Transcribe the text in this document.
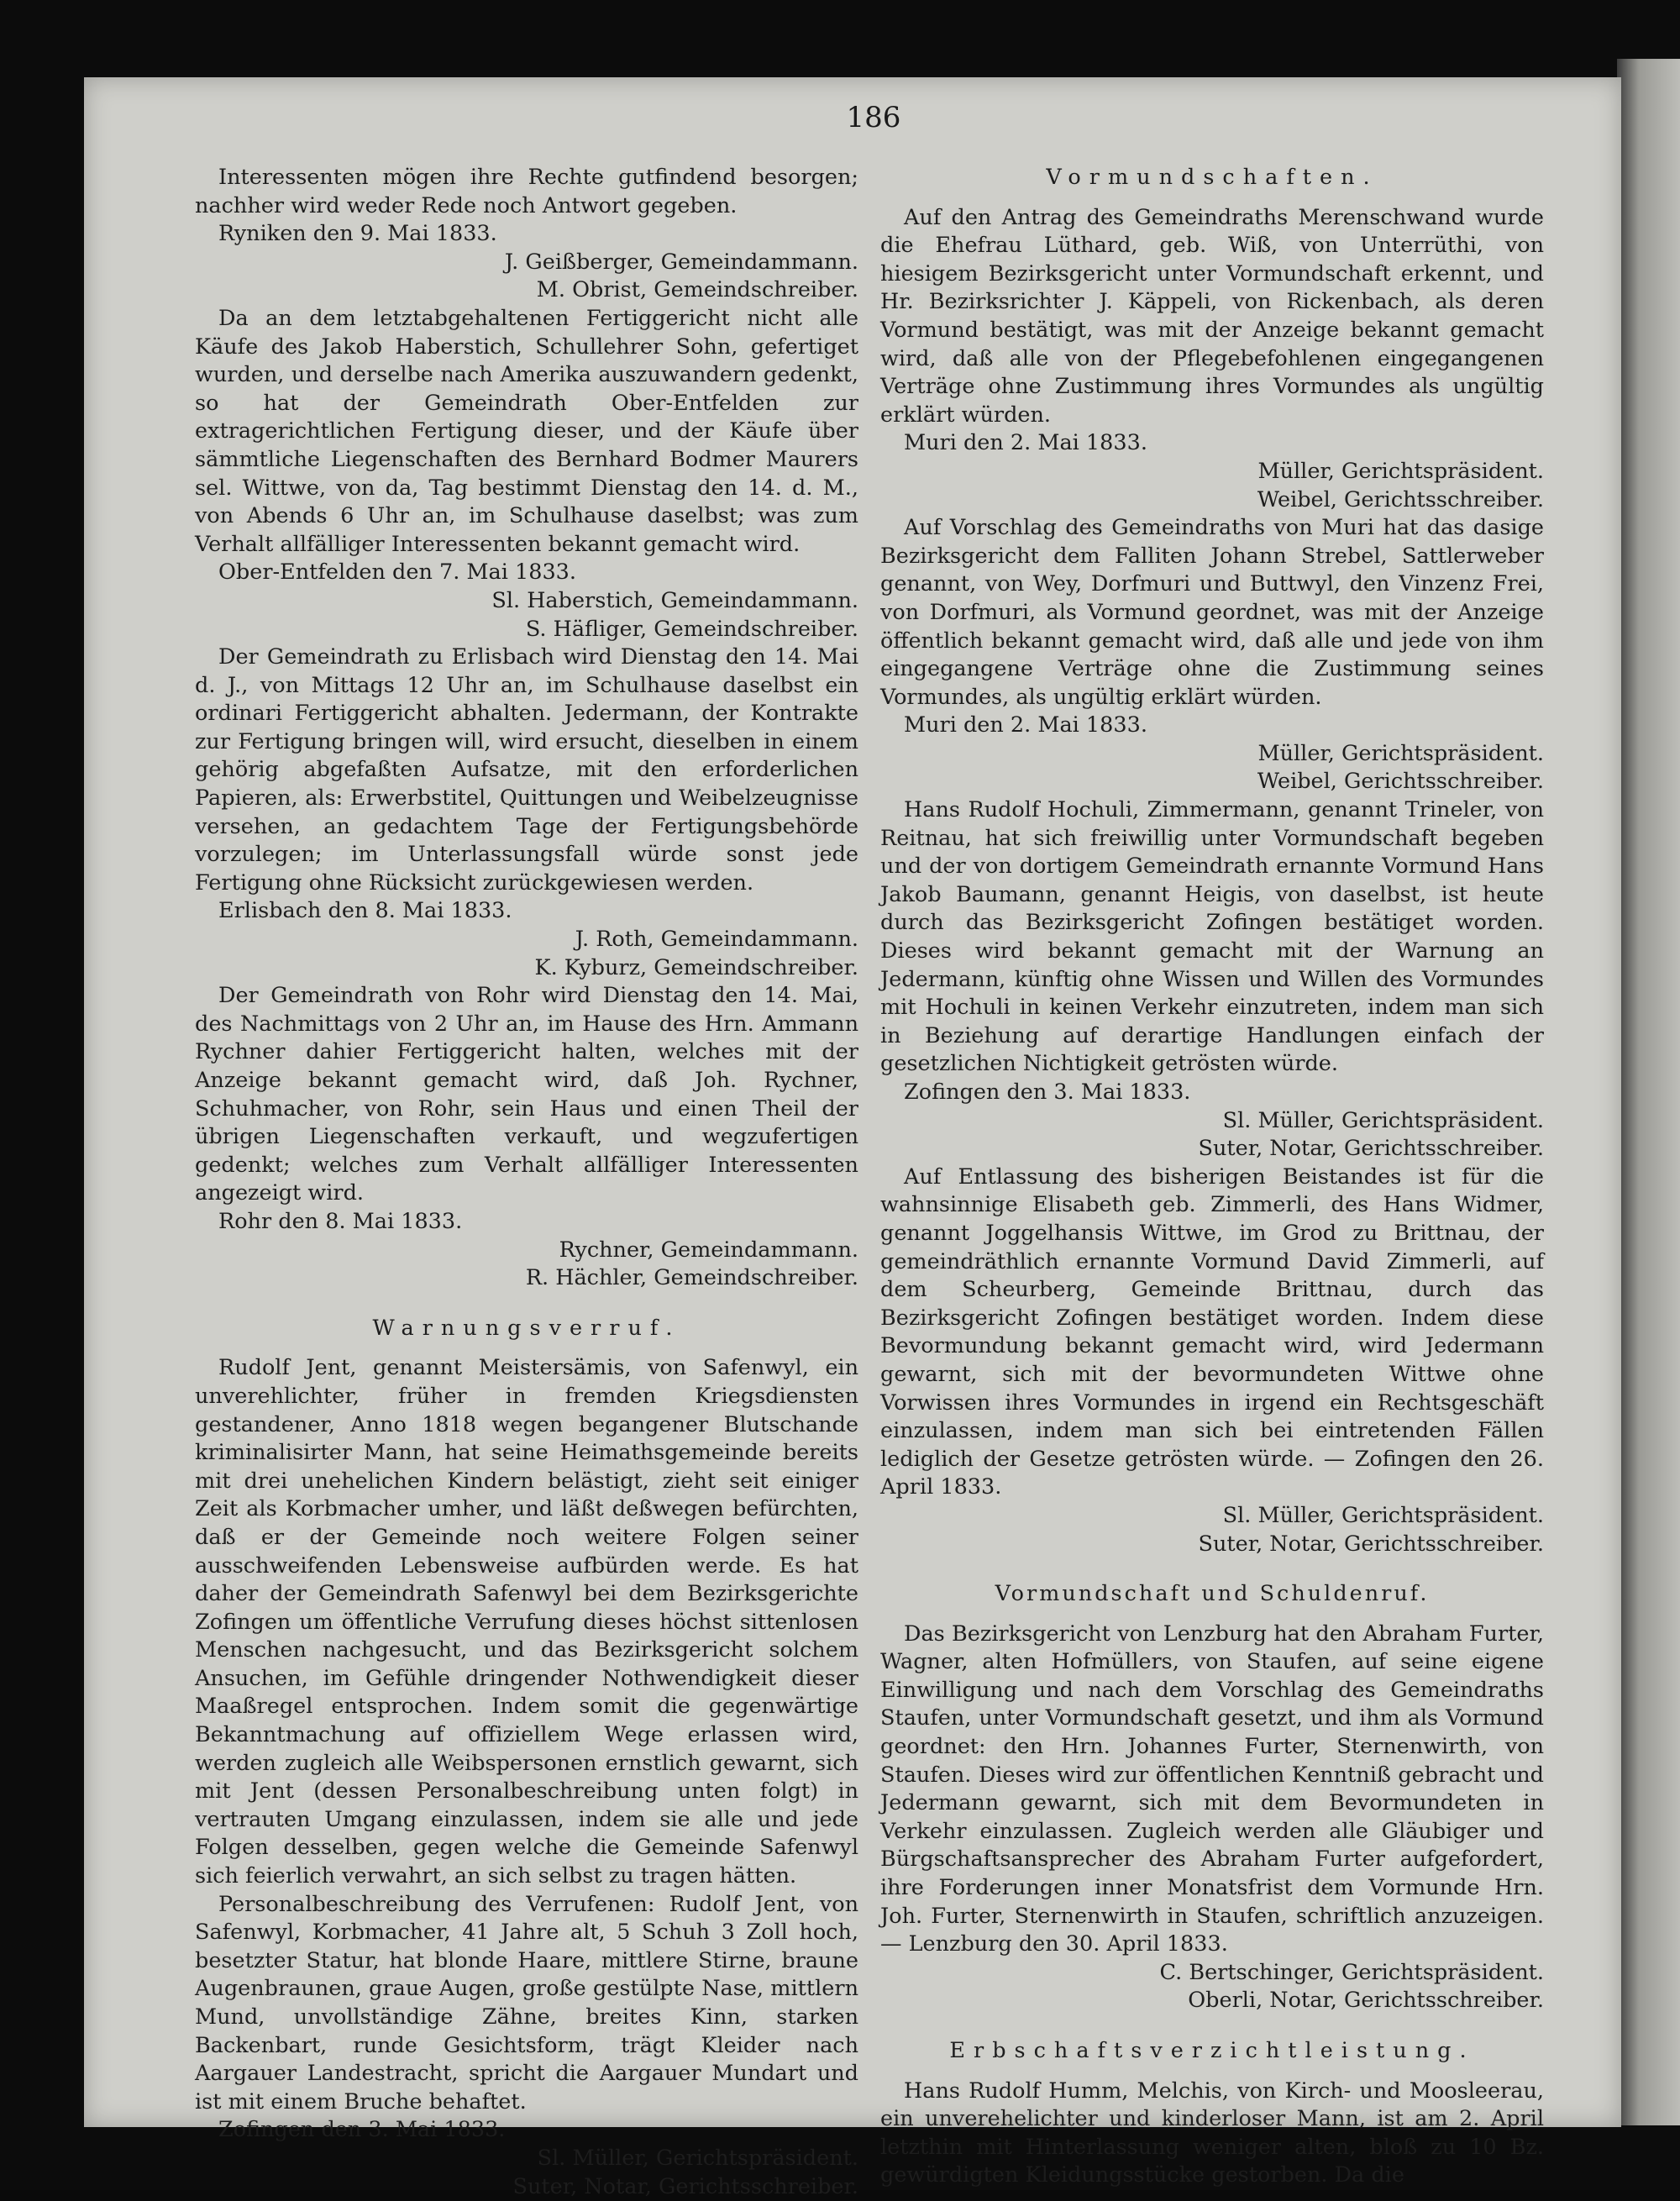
186

Interessenten mögen ihre Rechte gutfindend besorgen; nachher wird weder Rede noch Antwort gegeben.

Ryniken den 9. Mai 1833.

J. Geißberger, Gemeindammann.

M. Obrist, Gemeindschreiber.

Da an dem letztabgehaltenen Fertiggericht nicht alle Käufe des Jakob Haberstich, Schullehrer Sohn, gefertiget wurden, und derselbe nach Amerika auszuwandern gedenkt, so hat der Gemeindrath Ober-Entfelden zur extragerichtlichen Fertigung dieser, und der Käufe über sämmtliche Liegenschaften des Bernhard Bodmer Maurers sel. Wittwe, von da, Tag bestimmt Dienstag den 14. d. M., von Abends 6 Uhr an, im Schulhause daselbst; was zum Verhalt allfälliger Interessenten bekannt gemacht wird.

Ober-Entfelden den 7. Mai 1833.

Sl. Haberstich, Gemeindammann.

S. Häfliger, Gemeindschreiber.

Der Gemeindrath zu Erlisbach wird Dienstag den 14. Mai d. J., von Mittags 12 Uhr an, im Schulhause daselbst ein ordinari Fertiggericht abhalten. Jedermann, der Kontrakte zur Fertigung bringen will, wird ersucht, dieselben in einem gehörig abgefaßten Aufsatze, mit den erforderlichen Papieren, als: Erwerbstitel, Quittungen und Weibelzeugnisse versehen, an gedachtem Tage der Fertigungsbehörde vorzulegen; im Unterlassungsfall würde sonst jede Fertigung ohne Rücksicht zurückgewiesen werden.

Erlisbach den 8. Mai 1833.

J. Roth, Gemeindammann.

K. Kyburz, Gemeindschreiber.

Der Gemeindrath von Rohr wird Dienstag den 14. Mai, des Nachmittags von 2 Uhr an, im Hause des Hrn. Ammann Rychner dahier Fertiggericht halten, welches mit der Anzeige bekannt gemacht wird, daß Joh. Rychner, Schuhmacher, von Rohr, sein Haus und einen Theil der übrigen Liegenschaften verkauft, und wegzufertigen gedenkt; welches zum Verhalt allfälliger Interessenten angezeigt wird.

Rohr den 8. Mai 1833.

Rychner, Gemeindammann.

R. Hächler, Gemeindschreiber.

Warnungsverruf.

Rudolf Jent, genannt Meistersämis, von Safenwyl, ein unverehlichter, früher in fremden Kriegsdiensten gestandener, Anno 1818 wegen begangener Blutschande kriminalisirter Mann, hat seine Heimathsgemeinde bereits mit drei unehelichen Kindern belästigt, zieht seit einiger Zeit als Korbmacher umher, und läßt deßwegen befürchten, daß er der Gemeinde noch weitere Folgen seiner ausschweifenden Lebensweise aufbürden werde. Es hat daher der Gemeindrath Safenwyl bei dem Bezirksgerichte Zofingen um öffentliche Verrufung dieses höchst sittenlosen Menschen nachgesucht, und das Bezirksgericht solchem Ansuchen, im Gefühle dringender Nothwendigkeit dieser Maaßregel entsprochen. Indem somit die gegenwärtige Bekanntmachung auf offiziellem Wege erlassen wird, werden zugleich alle Weibspersonen ernstlich gewarnt, sich mit Jent (dessen Personalbeschreibung unten folgt) in vertrauten Umgang einzulassen, indem sie alle und jede Folgen desselben, gegen welche die Gemeinde Safenwyl sich feierlich verwahrt, an sich selbst zu tragen hätten.

Personalbeschreibung des Verrufenen: Rudolf Jent, von Safenwyl, Korbmacher, 41 Jahre alt, 5 Schuh 3 Zoll hoch, besetzter Statur, hat blonde Haare, mittlere Stirne, braune Augenbraunen, graue Augen, große gestülpte Nase, mittlern Mund, unvollständige Zähne, breites Kinn, starken Backenbart, runde Gesichtsform, trägt Kleider nach Aargauer Landestracht, spricht die Aargauer Mundart und ist mit einem Bruche behaftet.

Zofingen den 3. Mai 1833.

Sl. Müller, Gerichtspräsident.

Suter, Notar, Gerichtsschreiber.

Vormundschaften.

Auf den Antrag des Gemeindraths Merenschwand wurde die Ehefrau Lüthard, geb. Wiß, von Unterrüthi, von hiesigem Bezirksgericht unter Vormundschaft erkennt, und Hr. Bezirksrichter J. Käppeli, von Rickenbach, als deren Vormund bestätigt, was mit der Anzeige bekannt gemacht wird, daß alle von der Pflegebefohlenen eingegangenen Verträge ohne Zustimmung ihres Vormundes als ungültig erklärt würden.

Muri den 2. Mai 1833.

Müller, Gerichtspräsident.

Weibel, Gerichtsschreiber.

Auf Vorschlag des Gemeindraths von Muri hat das dasige Bezirksgericht dem Falliten Johann Strebel, Sattlerweber genannt, von Wey, Dorfmuri und Buttwyl, den Vinzenz Frei, von Dorfmuri, als Vormund geordnet, was mit der Anzeige öffentlich bekannt gemacht wird, daß alle und jede von ihm eingegangene Verträge ohne die Zustimmung seines Vormundes, als ungültig erklärt würden.

Muri den 2. Mai 1833.

Müller, Gerichtspräsident.

Weibel, Gerichtsschreiber.

Hans Rudolf Hochuli, Zimmermann, genannt Trineler, von Reitnau, hat sich freiwillig unter Vormundschaft begeben und der von dortigem Gemeindrath ernannte Vormund Hans Jakob Baumann, genannt Heigis, von daselbst, ist heute durch das Bezirksgericht Zofingen bestätiget worden. Dieses wird bekannt gemacht mit der Warnung an Jedermann, künftig ohne Wissen und Willen des Vormundes mit Hochuli in keinen Verkehr einzutreten, indem man sich in Beziehung auf derartige Handlungen einfach der gesetzlichen Nichtigkeit getrösten würde.

Zofingen den 3. Mai 1833.

Sl. Müller, Gerichtspräsident.

Suter, Notar, Gerichtsschreiber.

Auf Entlassung des bisherigen Beistandes ist für die wahnsinnige Elisabeth geb. Zimmerli, des Hans Widmer, genannt Joggelhansis Wittwe, im Grod zu Brittnau, der gemeindräthlich ernannte Vormund David Zimmerli, auf dem Scheurberg, Gemeinde Brittnau, durch das Bezirksgericht Zofingen bestätiget worden. Indem diese Bevormundung bekannt gemacht wird, wird Jedermann gewarnt, sich mit der bevormundeten Wittwe ohne Vorwissen ihres Vormundes in irgend ein Rechtsgeschäft einzulassen, indem man sich bei eintretenden Fällen lediglich der Gesetze getrösten würde. — Zofingen den 26. April 1833.

Sl. Müller, Gerichtspräsident.

Suter, Notar, Gerichtsschreiber.

Vormundschaft und Schuldenruf.

Das Bezirksgericht von Lenzburg hat den Abraham Furter, Wagner, alten Hofmüllers, von Staufen, auf seine eigene Einwilligung und nach dem Vorschlag des Gemeindraths Staufen, unter Vormundschaft gesetzt, und ihm als Vormund geordnet: den Hrn. Johannes Furter, Sternenwirth, von Staufen. Dieses wird zur öffentlichen Kenntniß gebracht und Jedermann gewarnt, sich mit dem Bevormundeten in Verkehr einzulassen. Zugleich werden alle Gläubiger und Bürgschaftsansprecher des Abraham Furter aufgefordert, ihre Forderungen inner Monatsfrist dem Vormunde Hrn. Joh. Furter, Sternenwirth in Staufen, schriftlich anzuzeigen. — Lenzburg den 30. April 1833.

C. Bertschinger, Gerichtspräsident.

Oberli, Notar, Gerichtsschreiber.

Erbschaftsverzichtleistung.

Hans Rudolf Humm, Melchis, von Kirch- und Moosleerau, ein unverehelichter und kinderloser Mann, ist am 2. April letzthin mit Hinterlassung weniger alten, bloß zu 10 Bz. gewürdigten Kleidungsstücke gestorben. Da die
